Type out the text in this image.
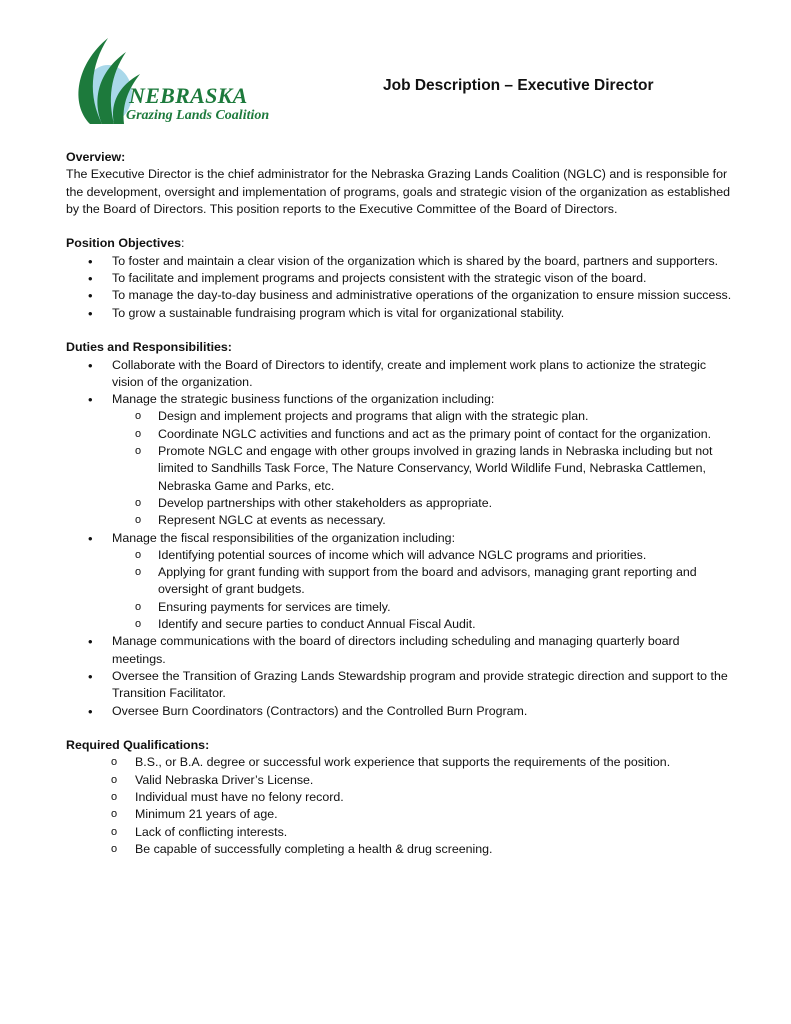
NEBRASKA
Grazing Lands Coalition
Job Description – Executive Director

Overview:

The Executive Director is the chief administrator for the Nebraska Grazing Lands Coalition (NGLC) and is responsible for the development, oversight and implementation of programs, goals and strategic vision of the organization as established by the Board of Directors. This position reports to the Executive Committee of the Board of Directors.

Position Objectives:

• To foster and maintain a clear vision of the organization which is shared by the board, partners and supporters.
• To facilitate and implement programs and projects consistent with the strategic vison of the board.
• To manage the day-to-day business and administrative operations of the organization to ensure mission success.
• To grow a sustainable fundraising program which is vital for organizational stability.

Duties and Responsibilities:

• Collaborate with the Board of Directors to identify, create and implement work plans to actionize the strategic vision of the organization.
• Manage the strategic business functions of the organization including:
o Design and implement projects and programs that align with the strategic plan.
o Coordinate NGLC activities and functions and act as the primary point of contact for the organization.
o Promote NGLC and engage with other groups involved in grazing lands in Nebraska including but not limited to Sandhills Task Force, The Nature Conservancy, World Wildlife Fund, Nebraska Cattlemen, Nebraska Game and Parks, etc.
o Develop partnerships with other stakeholders as appropriate.
o Represent NGLC at events as necessary.
• Manage the fiscal responsibilities of the organization including:
o Identifying potential sources of income which will advance NGLC programs and priorities.
o Applying for grant funding with support from the board and advisors, managing grant reporting and oversight of grant budgets.
o Ensuring payments for services are timely.
o Identify and secure parties to conduct Annual Fiscal Audit.
• Manage communications with the board of directors including scheduling and managing quarterly board meetings.
• Oversee the Transition of Grazing Lands Stewardship program and provide strategic direction and support to the Transition Facilitator.
• Oversee Burn Coordinators (Contractors) and the Controlled Burn Program.

Required Qualifications:

o B.S., or B.A. degree or successful work experience that supports the requirements of the position.
o Valid Nebraska Driver’s License.
o Individual must have no felony record.
o Minimum 21 years of age.
o Lack of conflicting interests.
o Be capable of successfully completing a health & drug screening.
